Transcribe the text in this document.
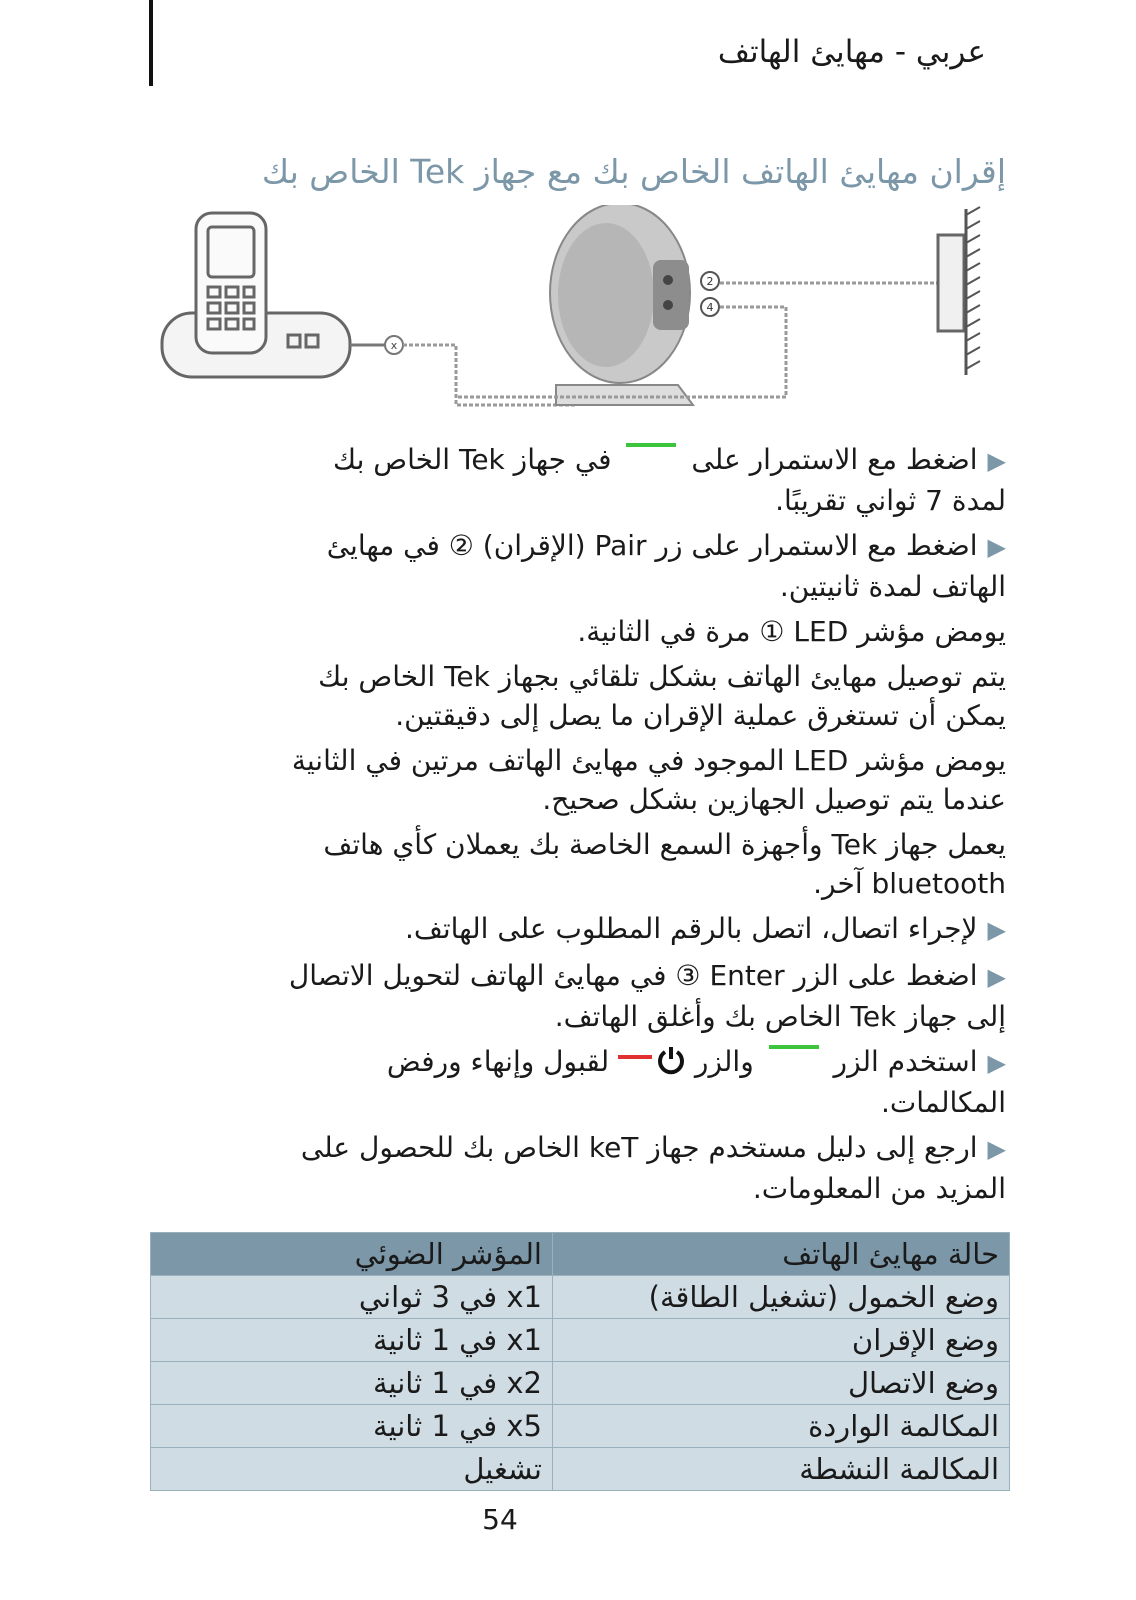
عربي - مهايئ الهاتف
إقران مهايئ الهاتف الخاص بك مع جهاز Tek الخاص بك
x
2
4

▶اضغط مع الاستمرار على  في جهاز Tek الخاص بك
لمدة 7 ثواني تقريبًا.

▶اضغط مع الاستمرار على زر Pair (الإقران) ② في مهايئ
الهاتف لمدة ثانيتين.

يومض مؤشر LED ① مرة في الثانية.

يتم توصيل مهايئ الهاتف بشكل تلقائي بجهاز Tek الخاص بك
يمكن أن تستغرق عملية الإقران ما يصل إلى دقيقتين.

يومض مؤشر LED الموجود في مهايئ الهاتف مرتين في الثانية
عندما يتم توصيل الجهازين بشكل صحيح.

يعمل جهاز Tek وأجهزة السمع الخاصة بك يعملان كأي هاتف
bluetooth آخر.

▶لإجراء اتصال، اتصل بالرقم المطلوب على الهاتف.

▶اضغط على الزر Enter ③ في مهايئ الهاتف لتحويل الاتصال
إلى جهاز Tek الخاص بك وأغلق الهاتف.

▶استخدم الزر  والزر  لقبول وإنهاء ورفض
المكالمات.

▶ارجع إلى دليل مستخدم جهاز keT الخاص بك للحصول على
المزيد من المعلومات.

حالة مهايئ الهاتف	المؤشر الضوئي
وضع الخمول (تشغيل الطاقة)	x1 في 3 ثواني
وضع الإقران	x1 في 1 ثانية
وضع الاتصال	x2 في 1 ثانية
المكالمة الواردة	x5 في 1 ثانية
المكالمة النشطة	تشغيل
54
